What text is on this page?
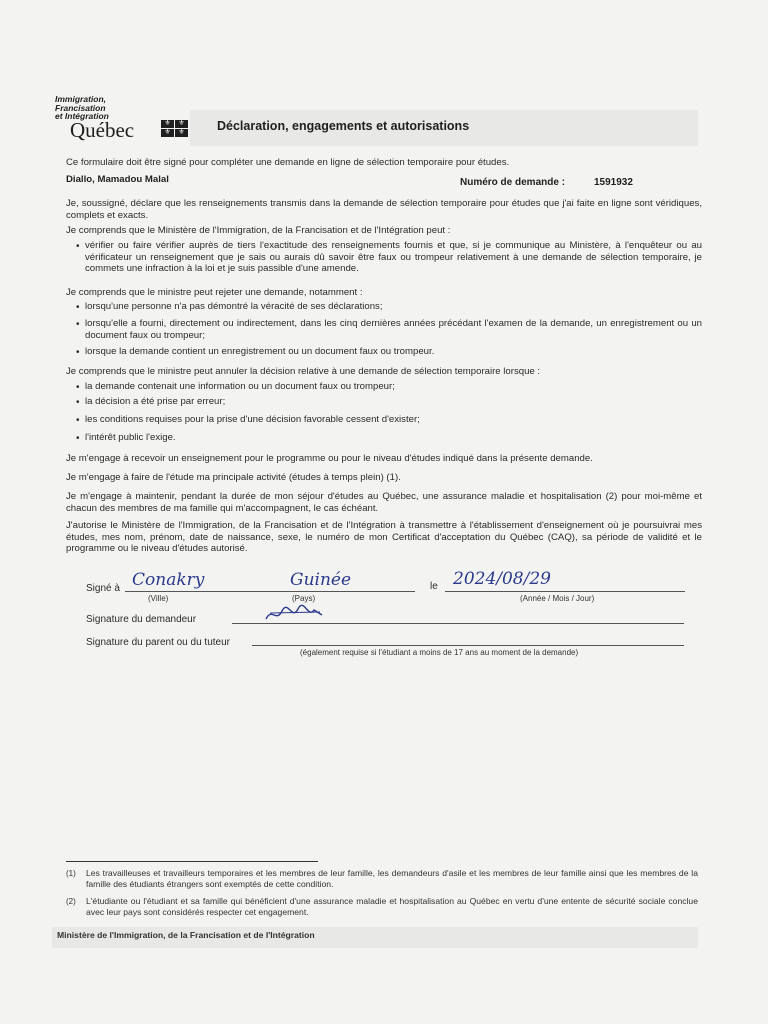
Immigration,
Francisation
et Intégration
Québec	⚜	⚜
⚜	⚜	Déclaration, engagements et autorisations
Ce formulaire doit être signé pour compléter une demande en ligne de sélection temporaire pour études.
Diallo, Mamadou Malal	Numéro de demande :	1591932
Je, soussigné, déclare que les renseignements transmis dans la demande de sélection temporaire pour études que j'ai faite en ligne sont véridiques, complets et exacts.
Je comprends que le Ministère de l'Immigration, de la Francisation et de l'Intégration peut :
• vérifier ou faire vérifier auprès de tiers l'exactitude des renseignements fournis et que, si je communique au Ministère, à l'enquêteur ou au vérificateur un renseignement que je sais ou aurais dû savoir être faux ou trompeur relativement à une demande de sélection temporaire, je commets une infraction à la loi et je suis passible d'une amende.
Je comprends que le ministre peut rejeter une demande, notamment :
• lorsqu'une personne n'a pas démontré la véracité de ses déclarations;
• lorsqu'elle a fourni, directement ou indirectement, dans les cinq dernières années précédant l'examen de la demande, un enregistrement ou un document faux ou trompeur;
• lorsque la demande contient un enregistrement ou un document faux ou trompeur.
Je comprends que le ministre peut annuler la décision relative à une demande de sélection temporaire lorsque :
• la demande contenait une information ou un document faux ou trompeur;
• la décision a été prise par erreur;
• les conditions requises pour la prise d'une décision favorable cessent d'exister;
• l'intérêt public l'exige.
Je m'engage à recevoir un enseignement pour le programme ou pour le niveau d'études indiqué dans la présente demande.
Je m'engage à faire de l'étude ma principale activité (études à temps plein) (1).
Je m'engage à maintenir, pendant la durée de mon séjour d'études au Québec, une assurance maladie et hospitalisation (2) pour moi-même et chacun des membres de ma famille qui m'accompagnent, le cas échéant.
J'autorise le Ministère de l'Immigration, de la Francisation et de l'Intégration à transmettre à l'établissement d'enseignement où je poursuivrai mes études, mes nom, prénom, date de naissance, sexe, le numéro de mon Certificat d'acceptation du Québec (CAQ), sa période de validité et le programme ou le niveau d'études autorisé.
Signé à Conakry	Guinée
(Ville)	(Pays)
le 2024/08/29
(Année / Mois / Jour)
Signature du demandeur
Signature du parent ou du tuteur
(également requise si l'étudiant a moins de 17 ans au moment de la demande)
(1) Les travailleuses et travailleurs temporaires et les membres de leur famille, les demandeurs d'asile et les membres de leur famille ainsi que les membres de la famille des étudiants étrangers sont exemptés de cette condition.
(2) L'étudiante ou l'étudiant et sa famille qui bénéficient d'une assurance maladie et hospitalisation au Québec en vertu d'une entente de sécurité sociale conclue avec leur pays sont considérés respecter cet engagement.
Ministère de l'Immigration, de la Francisation et de l'Intégration
